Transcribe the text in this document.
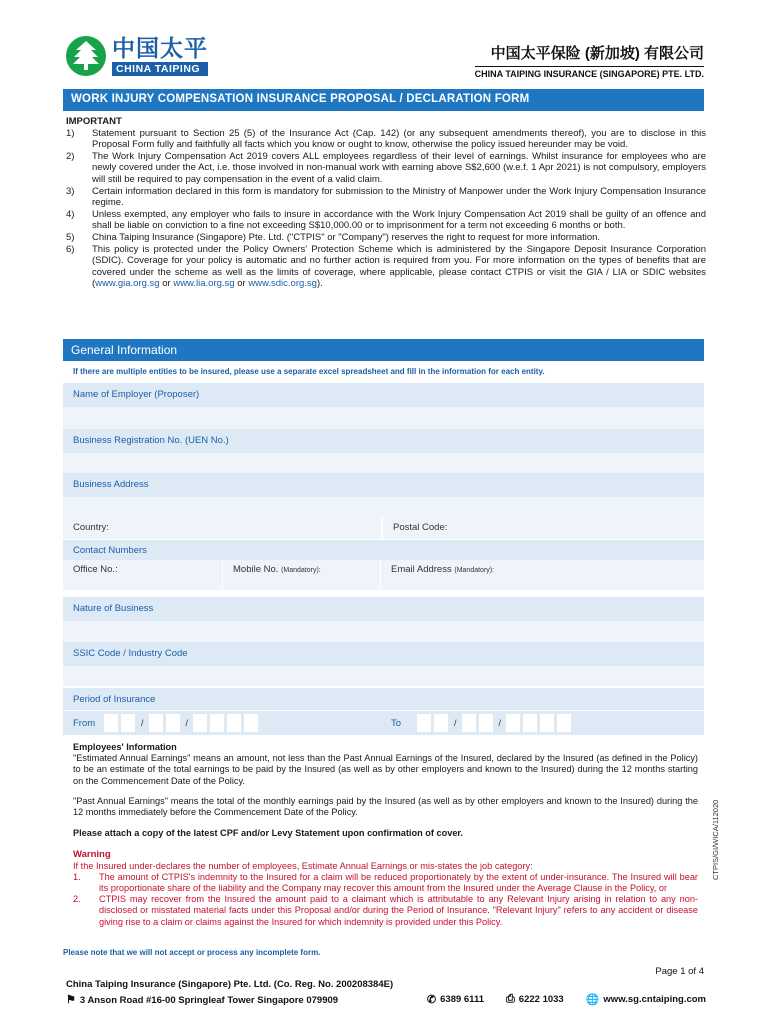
中国太平
CHINA TAIPING
中国太平保险 (新加坡) 有限公司
CHINA TAIPING INSURANCE (SINGAPORE) PTE. LTD.
WORK INJURY COMPENSATION INSURANCE PROPOSAL / DECLARATION FORM
IMPORTANT
1)	Statement pursuant to Section 25 (5) of the Insurance Act (Cap. 142) (or any subsequent amendments thereof), you are to disclose in this Proposal Form fully and faithfully all facts which you know or ought to know, otherwise the policy issued hereunder may be void.
2)	The Work Injury Compensation Act 2019 covers ALL employees regardless of their level of earnings. Whilst insurance for employees who are newly covered under the Act, i.e. those involved in non-manual work with earning above S$2,600 (w.e.f. 1 Apr 2021) is not compulsory, employers will still be required to pay compensation in the event of a valid claim.
3)	Certain information declared in this form is mandatory for submission to the Ministry of Manpower under the Work Injury Compensation Insurance regime.
4)	Unless exempted, any employer who fails to insure in accordance with the Work Injury Compensation Act 2019 shall be guilty of an offence and shall be liable on conviction to a fine not exceeding S$10,000.00 or to imprisonment for a term not exceeding 6 months or both.
5)	China Taiping Insurance (Singapore) Pte. Ltd. ("CTPIS" or "Company") reserves the right to request for more information.
6)	This policy is protected under the Policy Owners' Protection Scheme which is administered by the Singapore Deposit Insurance Corporation (SDIC). Coverage for your policy is automatic and no further action is required from you. For more information on the types of benefits that are covered under the scheme as well as the limits of coverage, where applicable, please contact CTPIS or visit the GIA / LIA or SDIC websites (www.gia.org.sg or www.lia.org.sg or www.sdic.org.sg).
General Information
If there are multiple entities to be insured, please use a separate excel spreadsheet and fill in the information for each entity.
Name of Employer (Proposer)
Business Registration No. (UEN No.)
Business Address
Country:	Postal Code:
Contact Numbers
Office No.:	Mobile No. (Mandatory):	Email Address (Mandatory):
Nature of Business
SSIC Code / Industry Code
Period of Insurance
From	/	/	To	/	/

Employees' Information

"Estimated Annual Earnings" means an amount, not less than the Past Annual Earnings of the Insured, declared by the Insured (as defined in the Policy) to be an estimate of the total earnings to be paid by the Insured (as well as by other employers and known to the Insured) during the 12 months starting on the Commencement Date of the Policy.

"Past Annual Earnings" means the total of the monthly earnings paid by the Insured (as well as by other employers and known to the Insured) during the 12 months immediately before the Commencement Date of the Policy.

Please attach a copy of the latest CPF and/or Levy Statement upon confirmation of cover.

Warning
If the Insured under-declares the number of employees, Estimate Annual Earnings or mis-states the job category:
1.	The amount of CTPIS's indemnity to the Insured for a claim will be reduced proportionately by the extent of under-insurance. The Insured will bear its proportionate share of the liability and the Company may recover this amount from the Insured under the Average Clause in the Policy, or
2.	CTPIS may recover from the Insured the amount paid to a claimant which is attributable to any Relevant Injury arising in relation to any non-disclosed or misstated material facts under this Proposal and/or during the Period of Insurance. "Relevant Injury" refers to any accident or disease giving rise to a claim or claims against the Insured for which indemnity is provided under this Policy.
CTPIS/GI/WICA/112020
Please note that we will not accept or process any incomplete form.
Page 1 of 4
China Taiping Insurance (Singapore) Pte. Ltd. (Co. Reg. No. 200208384E)
⚑ 3 Anson Road #16-00 Springleaf Tower Singapore 079909	✆ 6389 6111 ⎙ 6222 1033 🌐 www.sg.cntaiping.com
